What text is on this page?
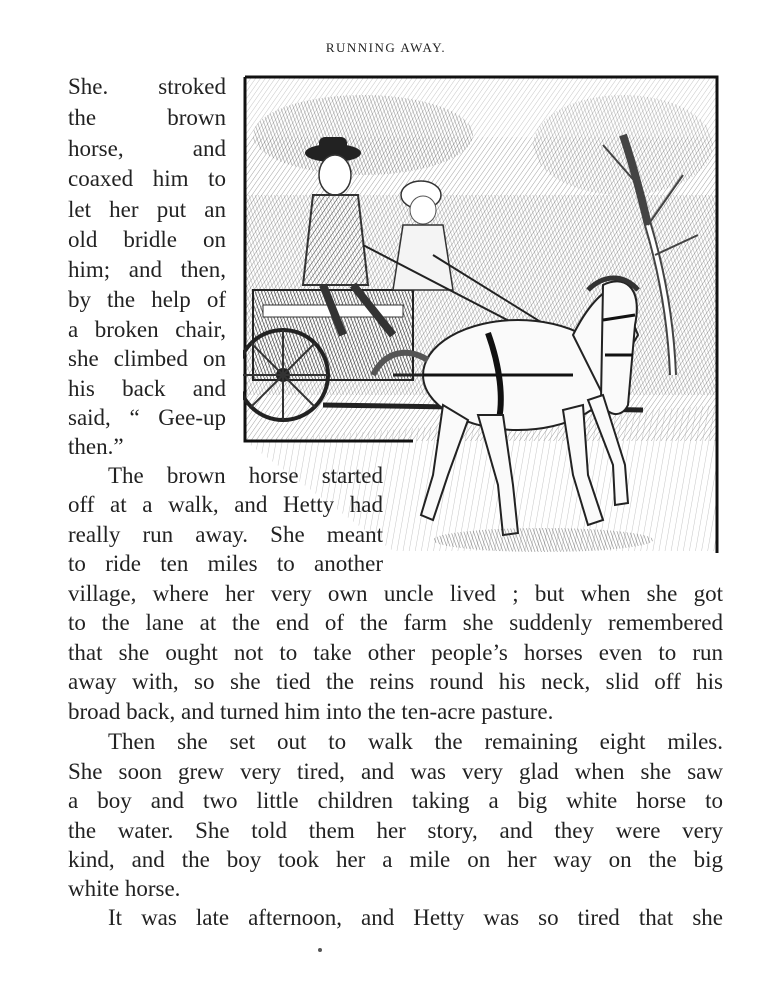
RUNNING AWAY.
She. stroked
the brown
horse, and
coaxed him to
let her put an
old bridle on
him; and then,
by the help of
a broken chair,
she climbed on
his back and
said, “ Gee-up
then.”
The brown horse started
off at a walk, and Hetty had
really run away. She meant
to ride ten miles to another
village, where her very own uncle lived ; but when she got
to the lane at the end of the farm she suddenly remembered
that she ought not to take other people’s horses even to run
away with, so she tied the reins round his neck, slid off his
broad back, and turned him into the ten-acre pasture.
Then she set out to walk the remaining eight miles.
She soon grew very tired, and was very glad when she saw
a boy and two little children taking a big white horse to
the water. She told them her story, and they were very
kind, and the boy took her a mile on her way on the big
white horse.
It was late afternoon, and Hetty was so tired that she
